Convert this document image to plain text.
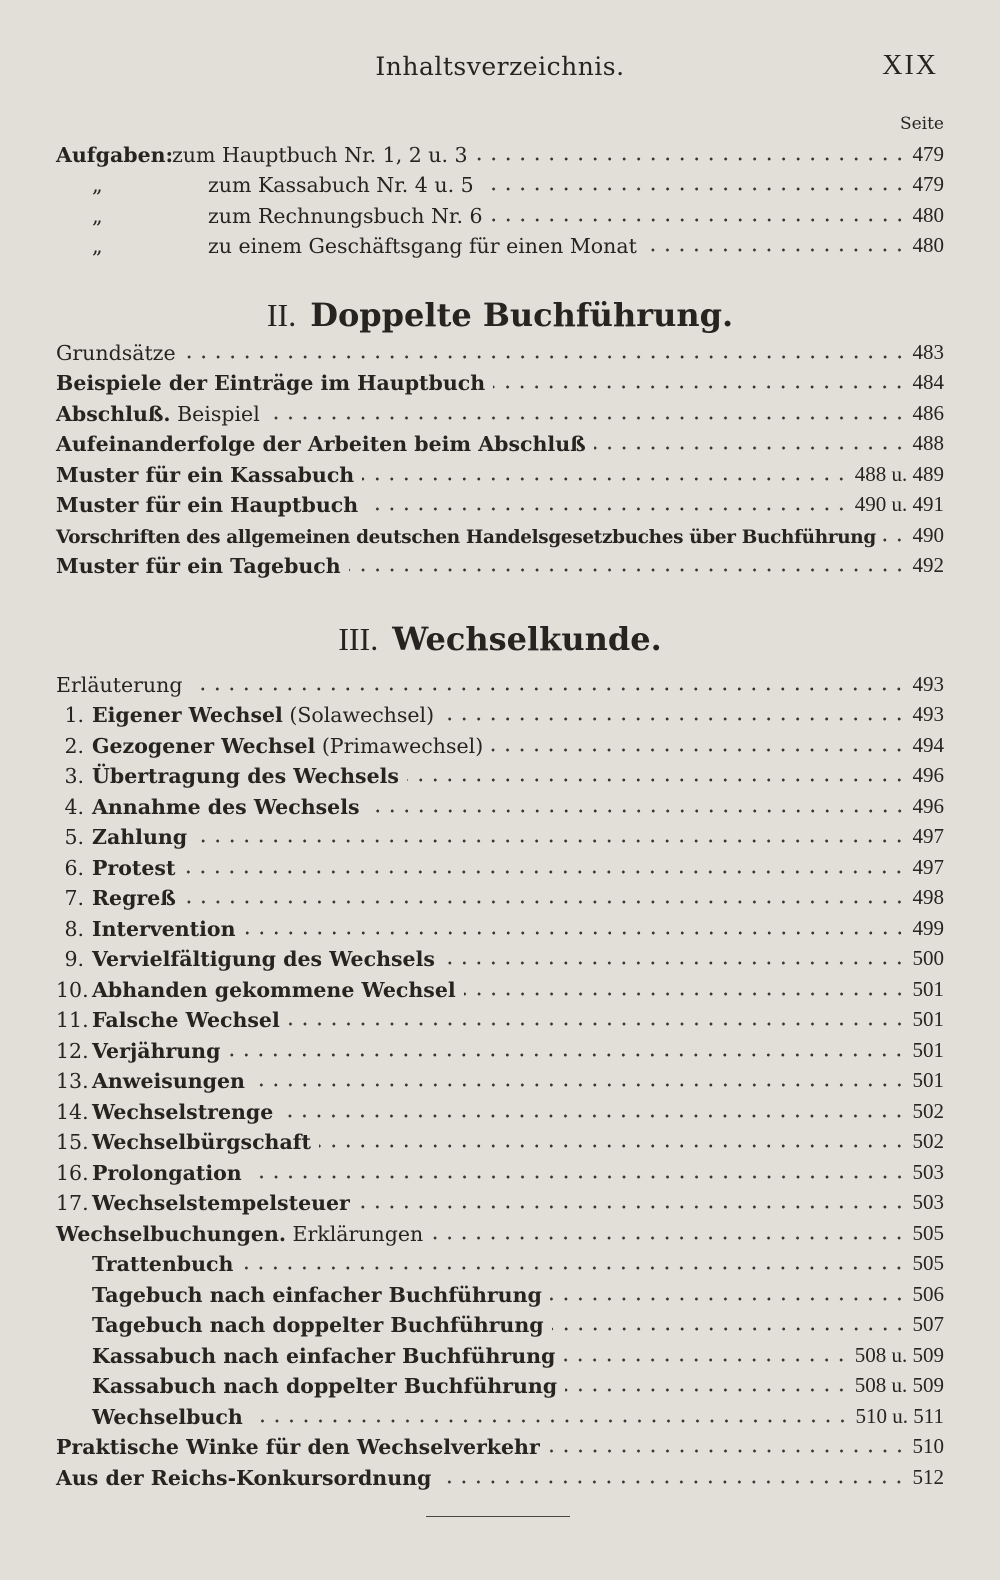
Inhaltsverzeichnis.	XIX
Seite
Aufgaben:zum Hauptbuch Nr. 1, 2 u. 3	479
„	zum Kassabuch Nr. 4 u. 5	479
„	zum Rechnungsbuch Nr. 6	480
„	zu einem Geschäftsgang für einen Monat	480
II. Doppelte Buchführung.
Grundsätze	483
Beispiele der Einträge im Hauptbuch	484
Abschluß. Beispiel	486
Aufeinanderfolge der Arbeiten beim Abschluß	488
Muster für ein Kassabuch	488 u. 489
Muster für ein Hauptbuch	490 u. 491
Vorschriften des allgemeinen deutschen Handelsgesetzbuches über Buchführung 490
Muster für ein Tagebuch	492
III. Wechselkunde.
Erläuterung	493
1. Eigener Wechsel (Solawechsel)	493
2. Gezogener Wechsel (Primawechsel)	494
3. Übertragung des Wechsels	496
4. Annahme des Wechsels	496
5. Zahlung	497
6. Protest	497
7. Regreß	498
8. Intervention	499
9. Vervielfältigung des Wechsels	500
10. Abhanden gekommene Wechsel	501
11. Falsche Wechsel	501
12. Verjährung	501
13. Anweisungen	501
14. Wechselstrenge	502
15. Wechselbürgschaft	502
16. Prolongation	503
17. Wechselstempelsteuer	503
Wechselbuchungen. Erklärungen	505
Trattenbuch	505
Tagebuch nach einfacher Buchführung	506
Tagebuch nach doppelter Buchführung	507
Kassabuch nach einfacher Buchführung	508 u. 509
Kassabuch nach doppelter Buchführung	508 u. 509
Wechselbuch	510 u. 511
Praktische Winke für den Wechselverkehr	510
Aus der Reichs-Konkursordnung	512
